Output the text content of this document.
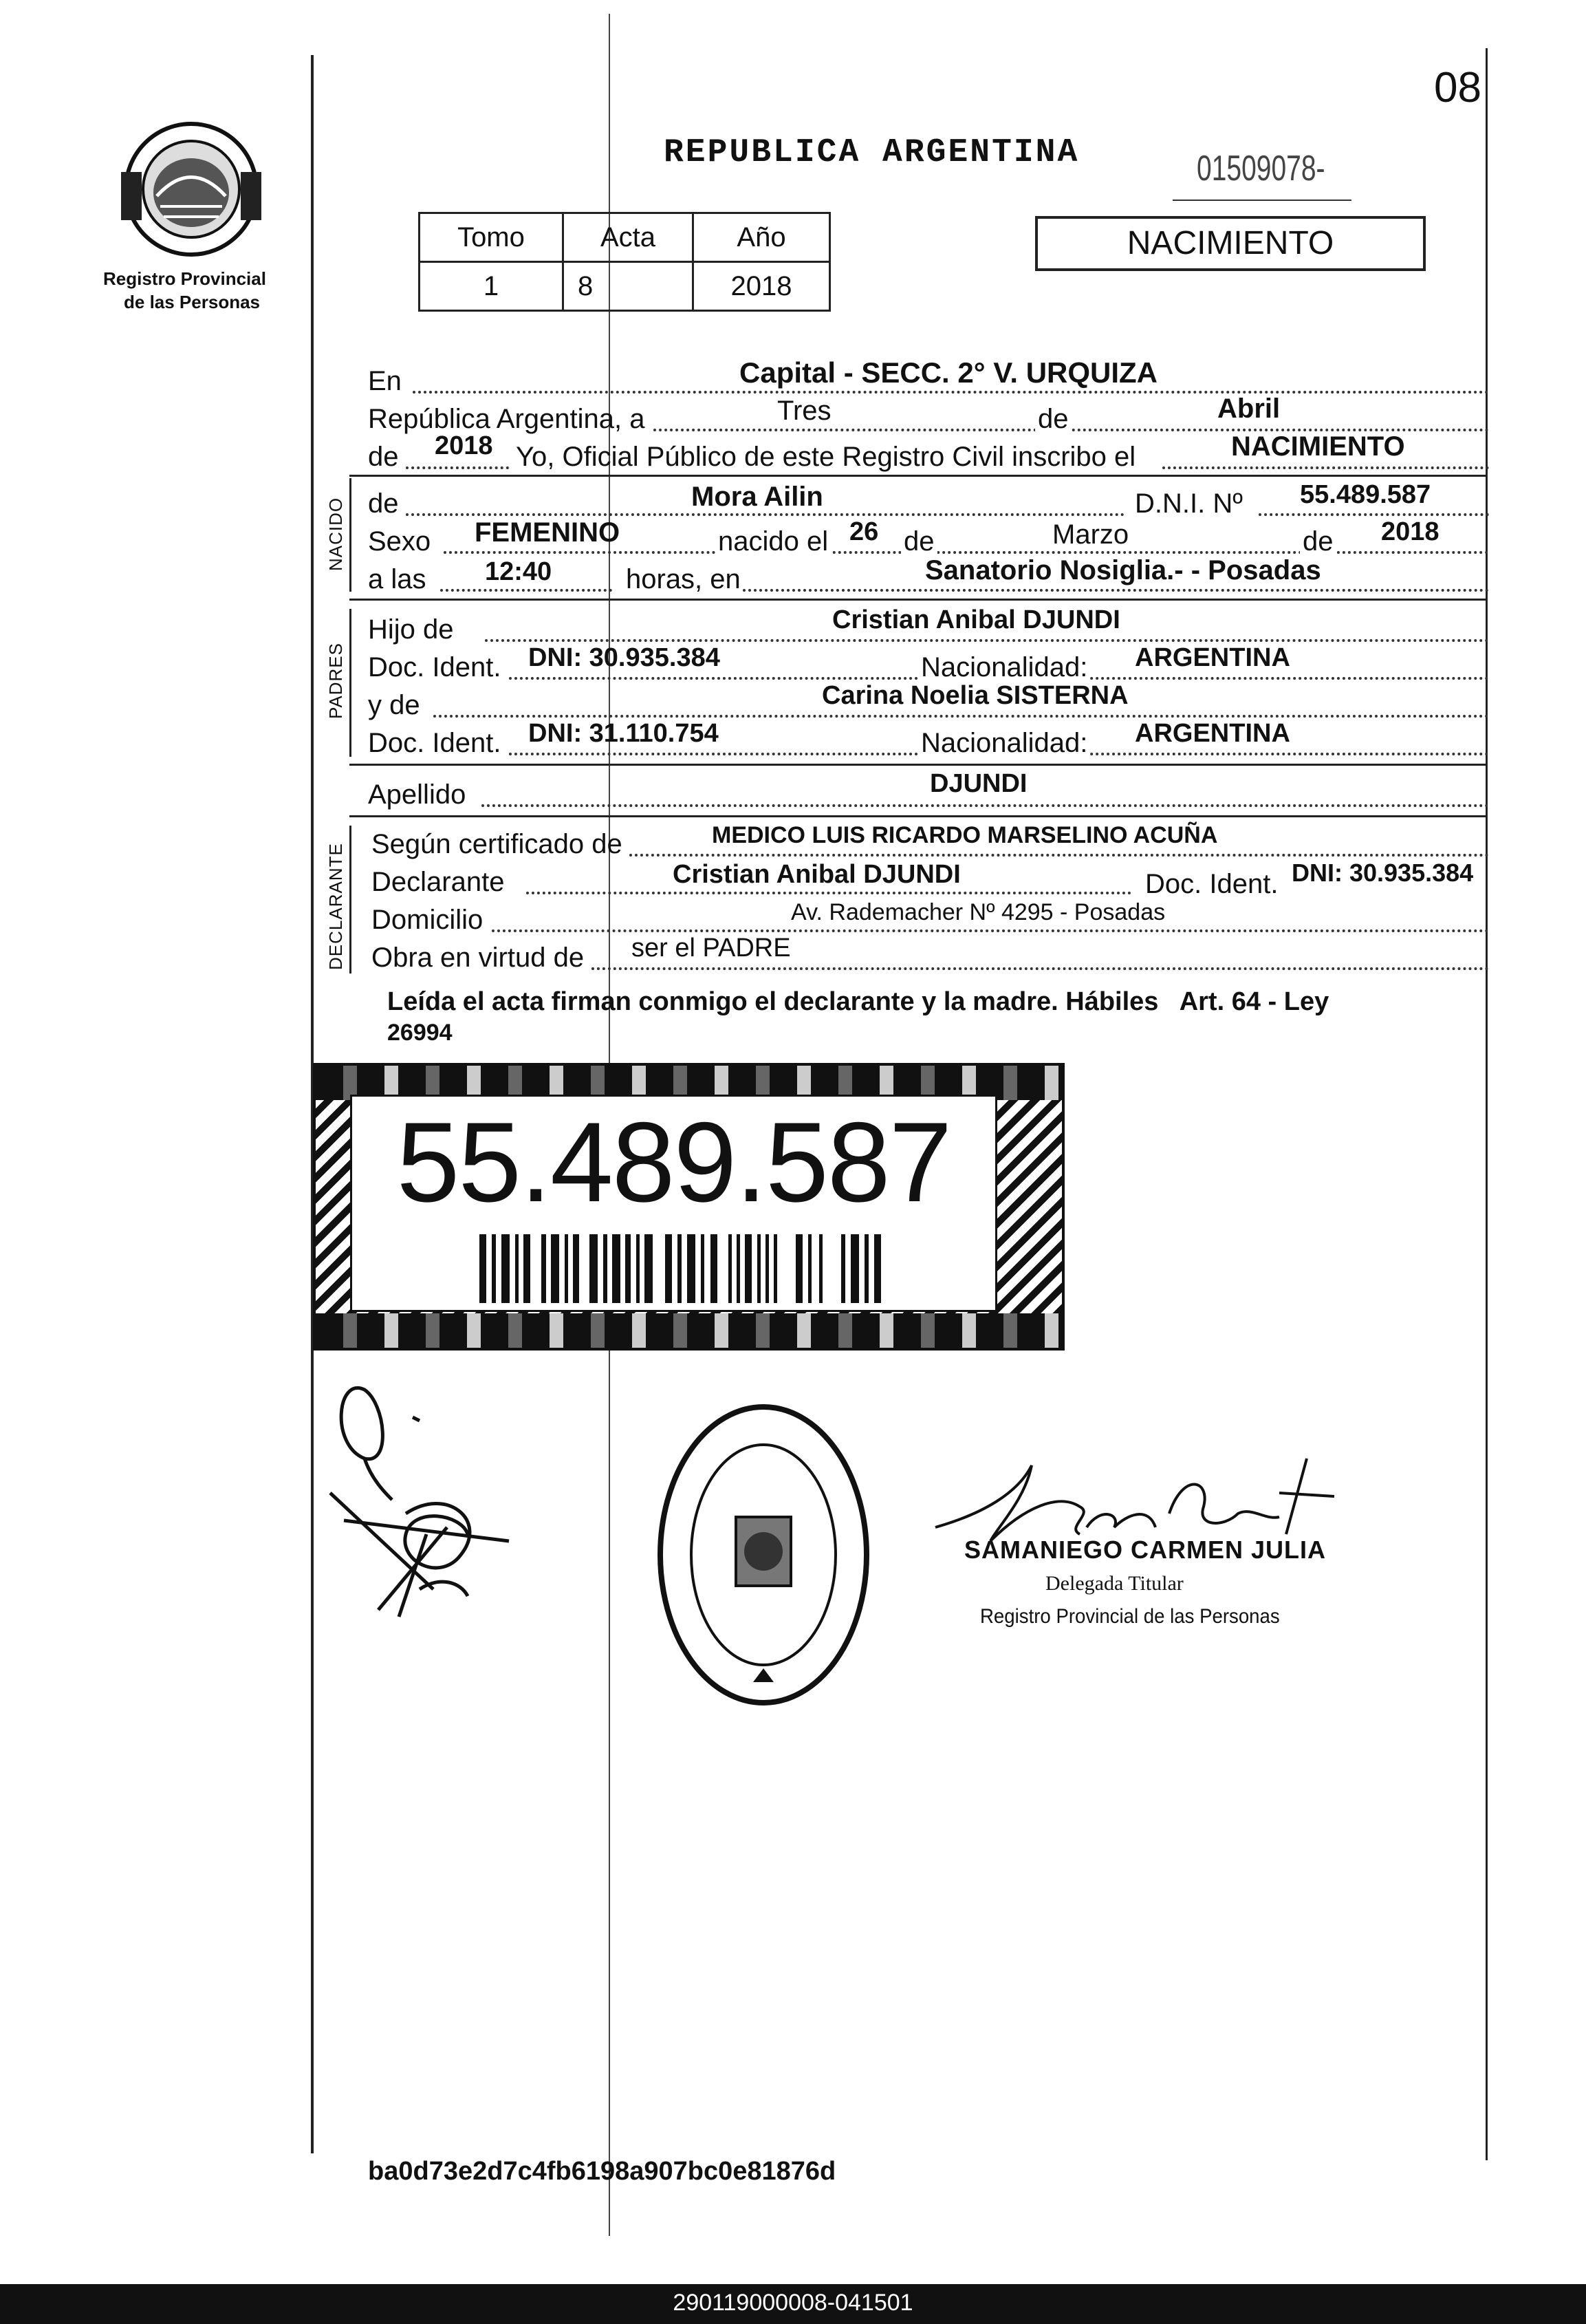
08
Registro Provincial
de las Personas
REPUBLICA ARGENTINA	01509078-
Tomo	Acta	Año
1	8	2018
NACIMIENTO
En	Capital - SECC. 2° V. URQUIZA
República Argentina, a	Tres	de	Abril
de 2018 Yo, Oficial Público de este Registro Civil inscribo el	NACIMIENTO
NACIDO de	Mora Ailin	D.N.I. Nº 55.489.587
Sexo FEMENINO	nacido el 26 de	Marzo	de 2018
a las 12:40	horas, en	Sanatorio Nosiglia.- - Posadas
PADRES
Hijo de	Cristian Anibal DJUNDI
Doc. Ident. DNI: 30.935.384	Nacionalidad: ARGENTINA
y de	Carina Noelia SISTERNA
Doc. Ident. DNI: 31.110.754	Nacionalidad: ARGENTINA
Apellido	DJUNDI
DECLARANTE Según certificado de	MEDICO LUIS RICARDO MARSELINO ACUÑA
Declarante	Cristian Anibal DJUNDI	Doc. Ident. DNI: 30.935.384
Domicilio	Av. Rademacher Nº 4295 - Posadas
Obra en virtud de ser el PADRE
Leída el acta firman conmigo el declarante y la madre. Hábiles   Art. 64 - Ley
26994
55.489.587
SAMANIEGO CARMEN JULIA
Delegada Titular
Registro Provincial de las Personas
ba0d73e2d7c4fb6198a907bc0e81876d
290119000008-041501
